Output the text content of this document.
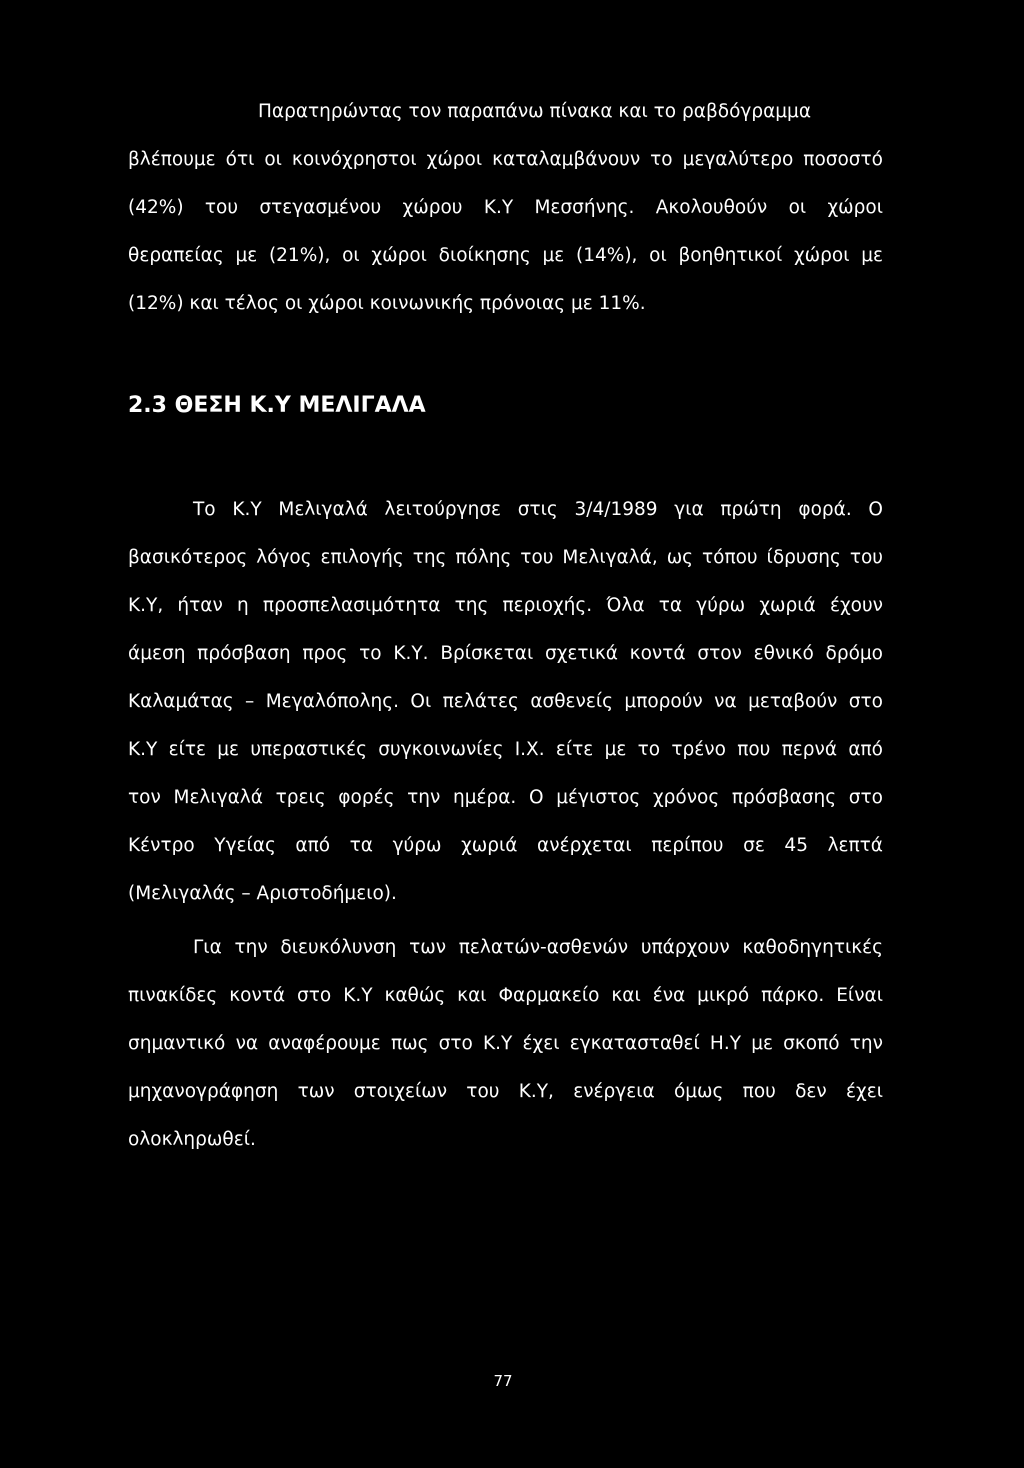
Παρατηρώντας τον παραπάνω πίνακα και το ραβδόγραμμα
βλέπουμε ότι οι κοινόχρηστοι χώροι καταλαμβάνουν το μεγαλύτερο ποσοστό
(42%) του στεγασμένου χώρου Κ.Υ Μεσσήνης. Ακολουθούν οι χώροι
θεραπείας με (21%), οι χώροι διοίκησης με (14%), οι βοηθητικοί χώροι με
(12%) και τέλος οι χώροι κοινωνικής πρόνοιας με 11%.
2.3 ΘΕΣΗ Κ.Υ ΜΕΛΙΓΑΛΑ
Το Κ.Υ Μελιγαλά λειτούργησε στις 3/4/1989 για πρώτη φορά. Ο
βασικότερος λόγος επιλογής της πόλης του Μελιγαλά, ως τόπου ίδρυσης του
Κ.Υ, ήταν η προσπελασιμότητα της περιοχής. Όλα τα γύρω χωριά έχουν
άμεση πρόσβαση προς το Κ.Υ. Βρίσκεται σχετικά κοντά στον εθνικό δρόμο
Καλαμάτας – Μεγαλόπολης. Οι πελάτες ασθενείς μπορούν να μεταβούν στο
Κ.Υ είτε με υπεραστικές συγκοινωνίες Ι.Χ. είτε με το τρένο που περνά από
τον Μελιγαλά τρεις φορές την ημέρα. Ο μέγιστος χρόνος πρόσβασης στο
Κέντρο Υγείας από τα γύρω χωριά ανέρχεται περίπου σε 45 λεπτά
(Μελιγαλάς – Αριστοδήμειο).
Για την διευκόλυνση των πελατών-ασθενών υπάρχουν καθοδηγητικές
πινακίδες κοντά στο Κ.Υ καθώς και Φαρμακείο και ένα μικρό πάρκο. Είναι
σημαντικό να αναφέρουμε πως στο Κ.Υ έχει εγκατασταθεί Η.Υ με σκοπό την
μηχανογράφηση των στοιχείων του Κ.Υ, ενέργεια όμως που δεν έχει
ολοκληρωθεί.
77
